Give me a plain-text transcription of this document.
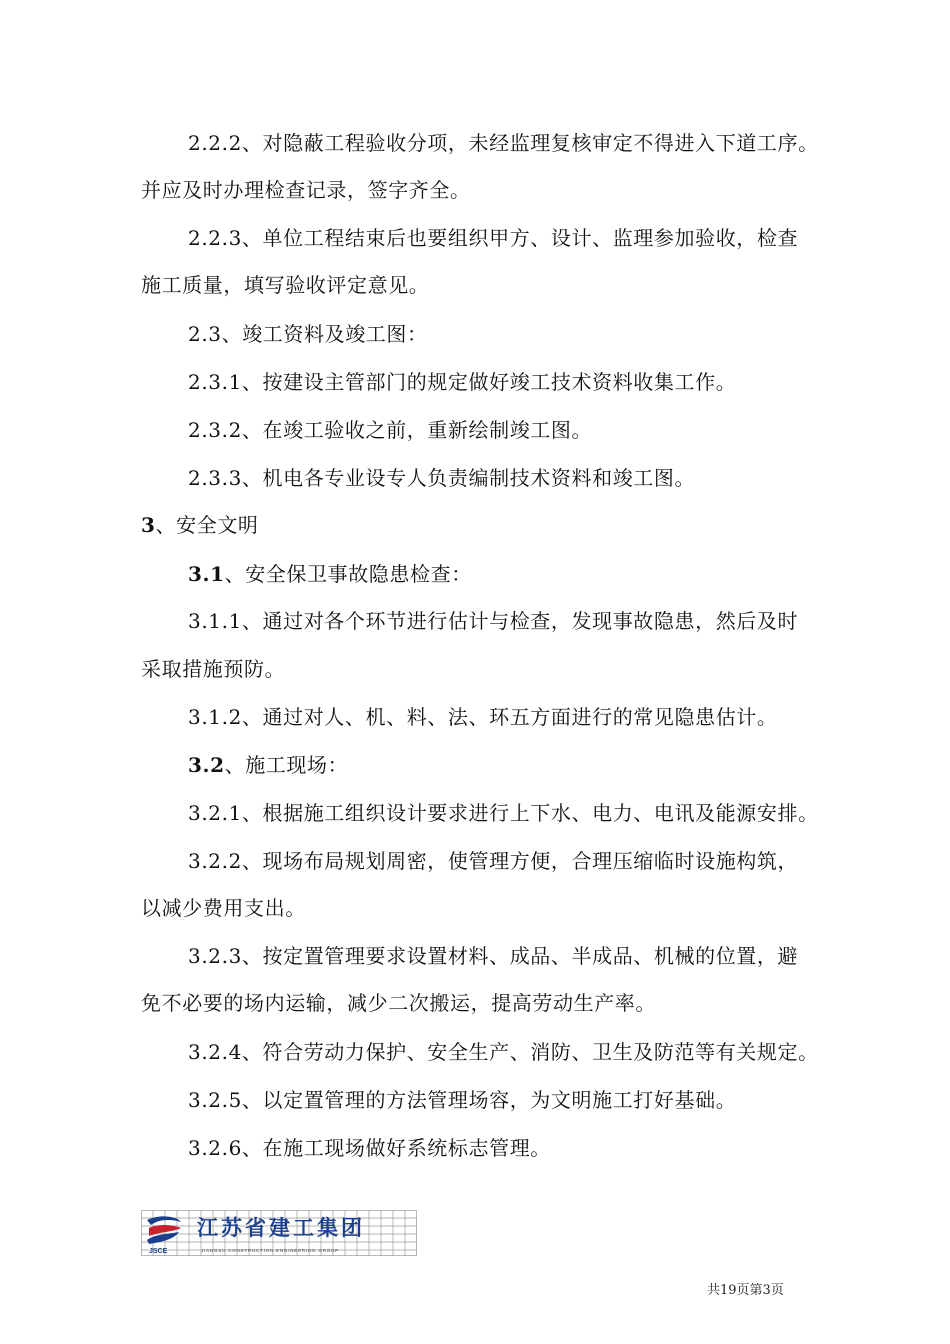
2.2.2、对隐蔽工程验收分项，未经监理复核审定不得进入下道工序。
并应及时办理检查记录，签字齐全。
2.2.3、单位工程结束后也要组织甲方、设计、监理参加验收，检查
施工质量，填写验收评定意见。
2.3、竣工资料及竣工图：
2.3.1、按建设主管部门的规定做好竣工技术资料收集工作。
2.3.2、在竣工验收之前，重新绘制竣工图。
2.3.3、机电各专业设专人负责编制技术资料和竣工图。
3、安全文明
3.1、安全保卫事故隐患检查：
3.1.1、通过对各个环节进行估计与检查，发现事故隐患，然后及时
采取措施预防。
3.1.2、通过对人、机、料、法、环五方面进行的常见隐患估计。
3.2、施工现场：
3.2.1、根据施工组织设计要求进行上下水、电力、电讯及能源安排。
3.2.2、现场布局规划周密，使管理方便，合理压缩临时设施构筑，
以减少费用支出。
3.2.3、按定置管理要求设置材料、成品、半成品、机械的位置，避
免不必要的场内运输，减少二次搬运，提高劳动生产率。
3.2.4、符合劳动力保护、安全生产、消防、卫生及防范等有关规定。
3.2.5、以定置管理的方法管理场容，为文明施工打好基础。
3.2.6、在施工现场做好系统标志管理。
JSCE
江苏省建工集团
JIANGSU CONSTRUCTION ENGINEERING GROUP
共19页第3页
